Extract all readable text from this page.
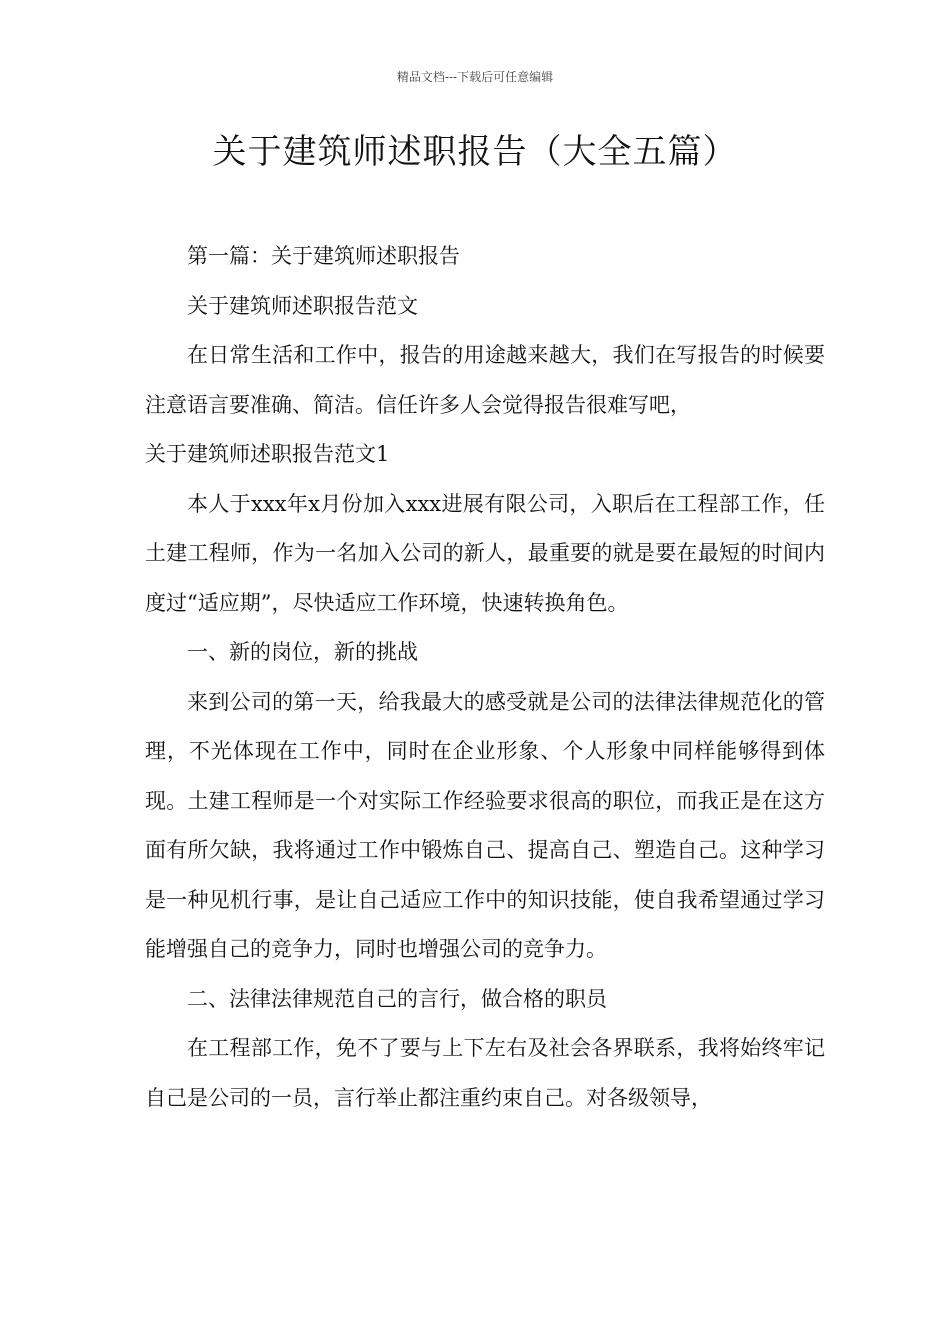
精品文档---下载后可任意编辑
关于建筑师述职报告（大全五篇）

第一篇：关于建筑师述职报告

关于建筑师述职报告范文

在日常生活和工作中，报告的用途越来越大，我们在写报告的时候要注意语言要准确、简洁。信任许多人会觉得报告很难写吧，

关于建筑师述职报告范文1

本人于xxx年x月份加入xxx进展有限公司，入职后在工程部工作，任土建工程师，作为一名加入公司的新人，最重要的就是要在最短的时间内度过“适应期”，尽快适应工作环境，快速转换角色。

一、新的岗位，新的挑战

来到公司的第一天，给我最大的感受就是公司的法律法律规范化的管理，不光体现在工作中，同时在企业形象、个人形象中同样能够得到体现。土建工程师是一个对实际工作经验要求很高的职位，而我正是在这方面有所欠缺，我将通过工作中锻炼自己、提高自己、塑造自己。这种学习是一种见机行事，是让自己适应工作中的知识技能，使自我希望通过学习能增强自己的竞争力，同时也增强公司的竞争力。

二、法律法律规范自己的言行，做合格的职员

在工程部工作，免不了要与上下左右及社会各界联系，我将始终牢记自己是公司的一员，言行举止都注重约束自己。对各级领导，
